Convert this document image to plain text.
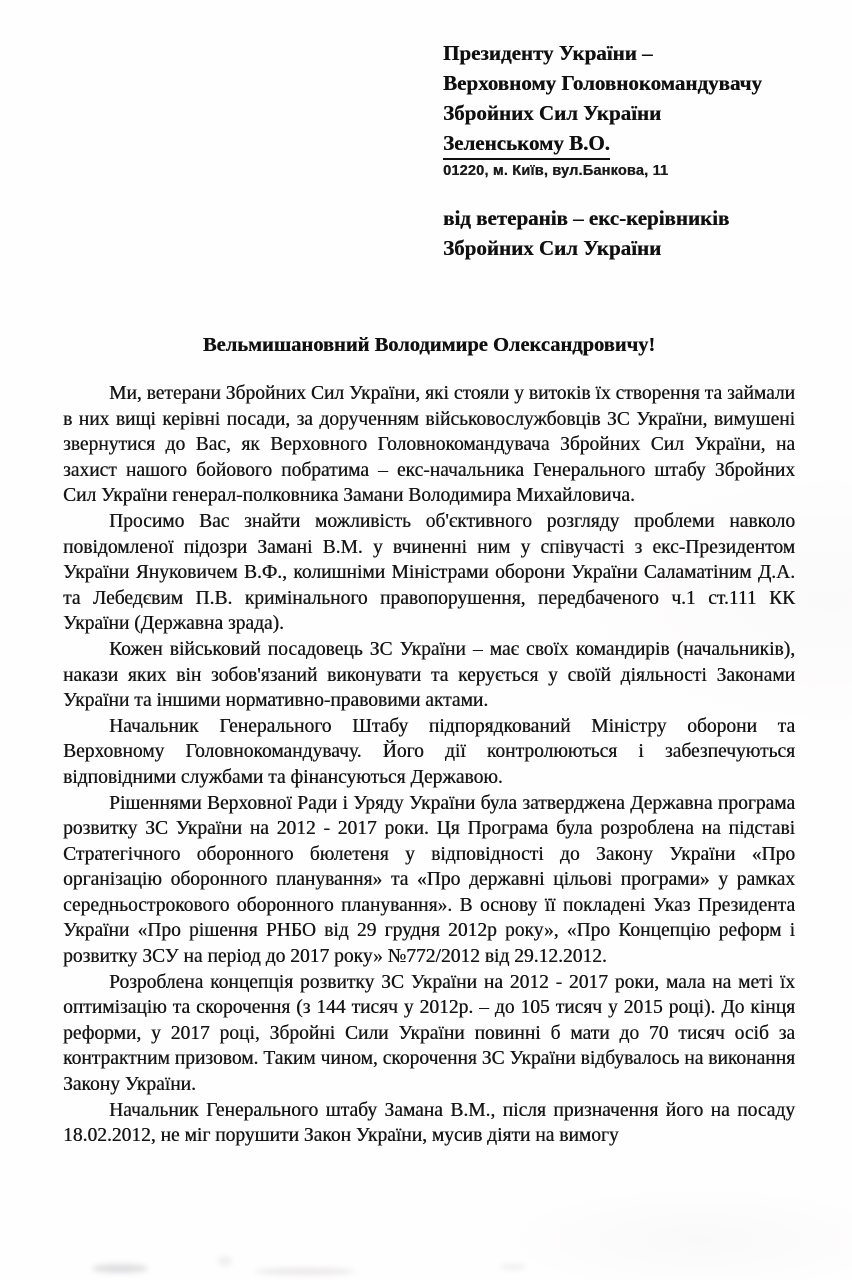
Президенту України –
Верховному Головнокомандувачу
Збройних Сил України
Зеленському В.О.
01220, м. Київ, вул.Банкова, 11
від ветеранів – екс-керівників
Збройних Сил України
Вельмишановний Володимире Олександровичу!

Ми, ветерани Збройних Сил України, які стояли у витоків їх створення та займали в них вищі керівні посади, за дорученням військовослужбовців ЗС України, вимушені звернутися до Вас, як Верховного Головнокомандувача Збройних Сил України, на захист нашого бойового побратима – екс-начальника Генерального штабу Збройних Сил України генерал-полковника Замани Володимира Михайловича.

Просимо Вас знайти можливість об'єктивного розгляду проблеми навколо повідомленої підозри Замані В.М. у вчиненні ним у співучасті з екс-Президентом України Януковичем В.Ф., колишніми Міністрами оборони України Саламатіним Д.А. та Лебедєвим П.В. кримінального правопорушення, передбаченого ч.1 ст.111 КК України (Державна зрада).

Кожен військовий посадовець ЗС України – має своїх командирів (начальників), накази яких він зобов'язаний виконувати та керується у своїй діяльності Законами України та іншими нормативно-правовими актами.

Начальник Генерального Штабу підпорядкований Міністру оборони та Верховному Головнокомандувачу. Його дії контролюються і забезпечуються відповідними службами та фінансуються Державою.

Рішеннями Верховної Ради і Уряду України була затверджена Державна програма розвитку ЗС України на 2012 - 2017 роки. Ця Програма була розроблена на підставі Стратегічного оборонного бюлетеня у відповідності до Закону України «Про організацію оборонного планування» та «Про державні цільові програми» у рамках середньострокового оборонного планування». В основу її покладені Указ Президента України «Про рішення РНБО від 29 грудня 2012р року», «Про Концепцію реформ і розвитку ЗСУ на період до 2017 року» №772/2012 від 29.12.2012.

Розроблена концепція розвитку ЗС України на 2012 - 2017 роки, мала на меті їх оптимізацію та скорочення (з 144 тисяч у 2012р. – до 105 тисяч у 2015 році). До кінця реформи, у 2017 році, Збройні Сили України повинні б мати до 70 тисяч осіб за контрактним призовом. Таким чином, скорочення ЗС України відбувалось на виконання Закону України.

Начальник Генерального штабу Замана В.М., після призначення його на посаду 18.02.2012, не міг порушити Закон України, мусив діяти на вимогу
